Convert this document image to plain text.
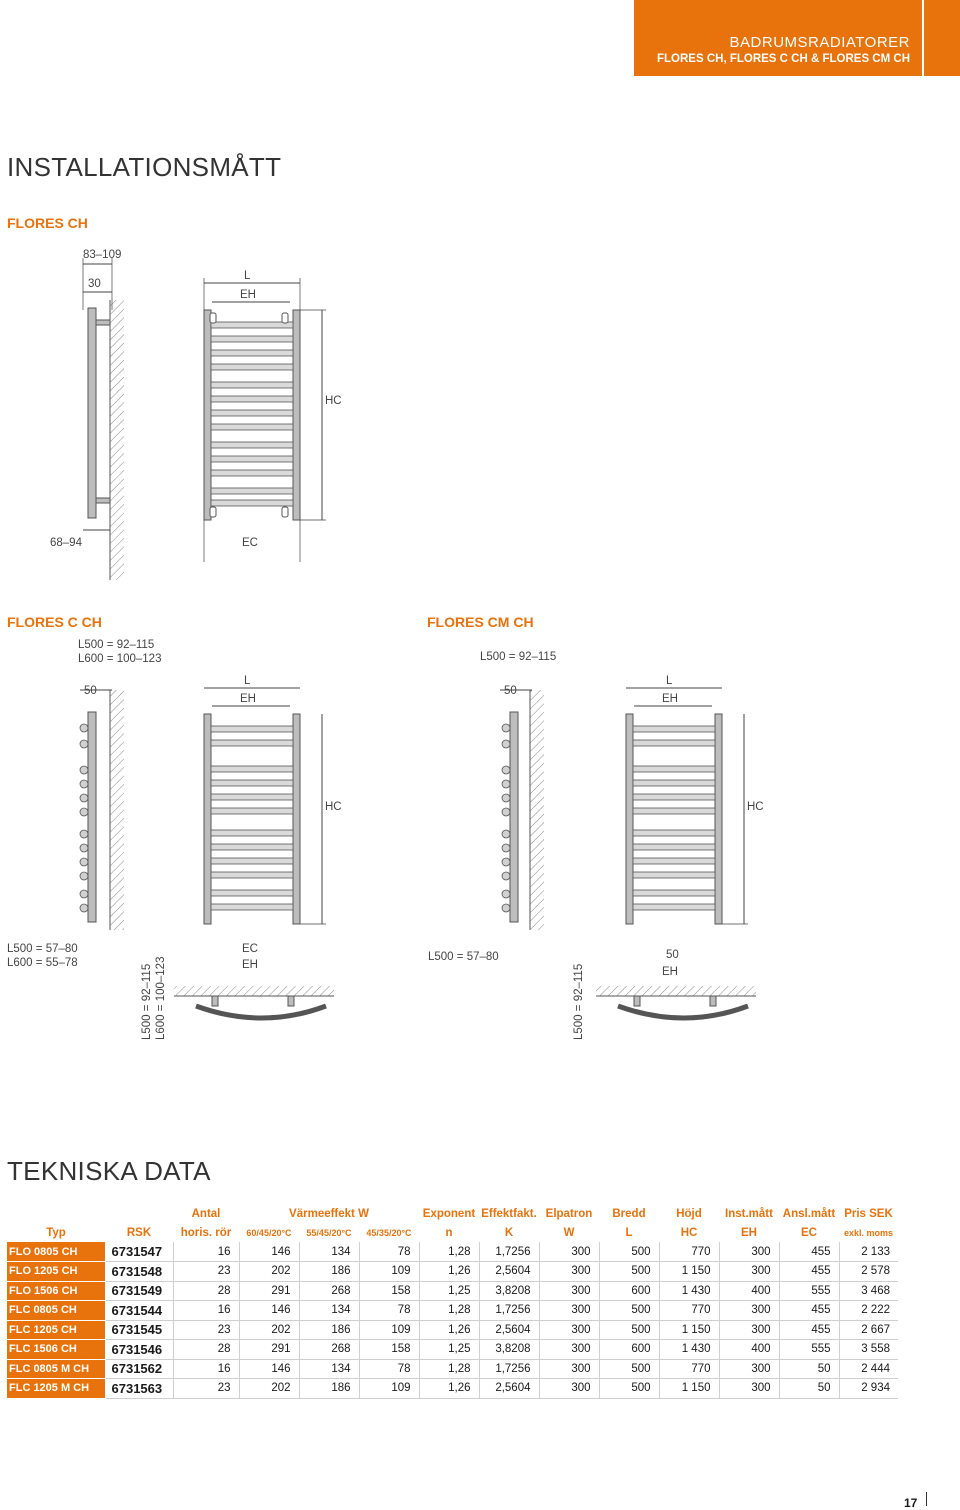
BADRUMSRADIATORER
FLORES CH, FLORES C CH & FLORES CM CH
INSTALLATIONSMÅTT
FLORES CH
FLORES C CH	FLORES CM CH
83–109
30
L
EH
HC
68–94	EC
L500 = 92–115
L600 = 100–123
50
L
EH
HC
L500 = 57–80
L600 = 55–78
L500 = 92–115 L600 = 100–123
EC
EH
L500 = 92–115
50
L
EH
HC
L500 = 57–80
L500 = 92–115
50
EH
TEKNISKA DATA
		Antal	Värmeeffekt W			Exponent	Effektfakt.	Elpatron	Bredd	Höjd	Inst.mått	Ansl.mått	Pris SEK
Typ	RSK	horis. rör	60/45/20°C	55/45/20°C	45/35/20°C	n	K	W	L	HC	EH	EC	exkl. moms
FLO 0805 CH	6731547	16	146	134	78	1,28	1,7256	300	500	770	300	455	2 133
FLO 1205 CH	6731548	23	202	186	109	1,26	2,5604	300	500	1 150	300	455	2 578
FLO 1506 CH	6731549	28	291	268	158	1,25	3,8208	300	600	1 430	400	555	3 468
FLC 0805 CH	6731544	16	146	134	78	1,28	1,7256	300	500	770	300	455	2 222
FLC 1205 CH	6731545	23	202	186	109	1,26	2,5604	300	500	1 150	300	455	2 667
FLC 1506 CH	6731546	28	291	268	158	1,25	3,8208	300	600	1 430	400	555	3 558
FLC 0805 M CH	6731562	16	146	134	78	1,28	1,7256	300	500	770	300	50	2 444
FLC 1205 M CH	6731563	23	202	186	109	1,26	2,5604	300	500	1 150	300	50	2 934
17
